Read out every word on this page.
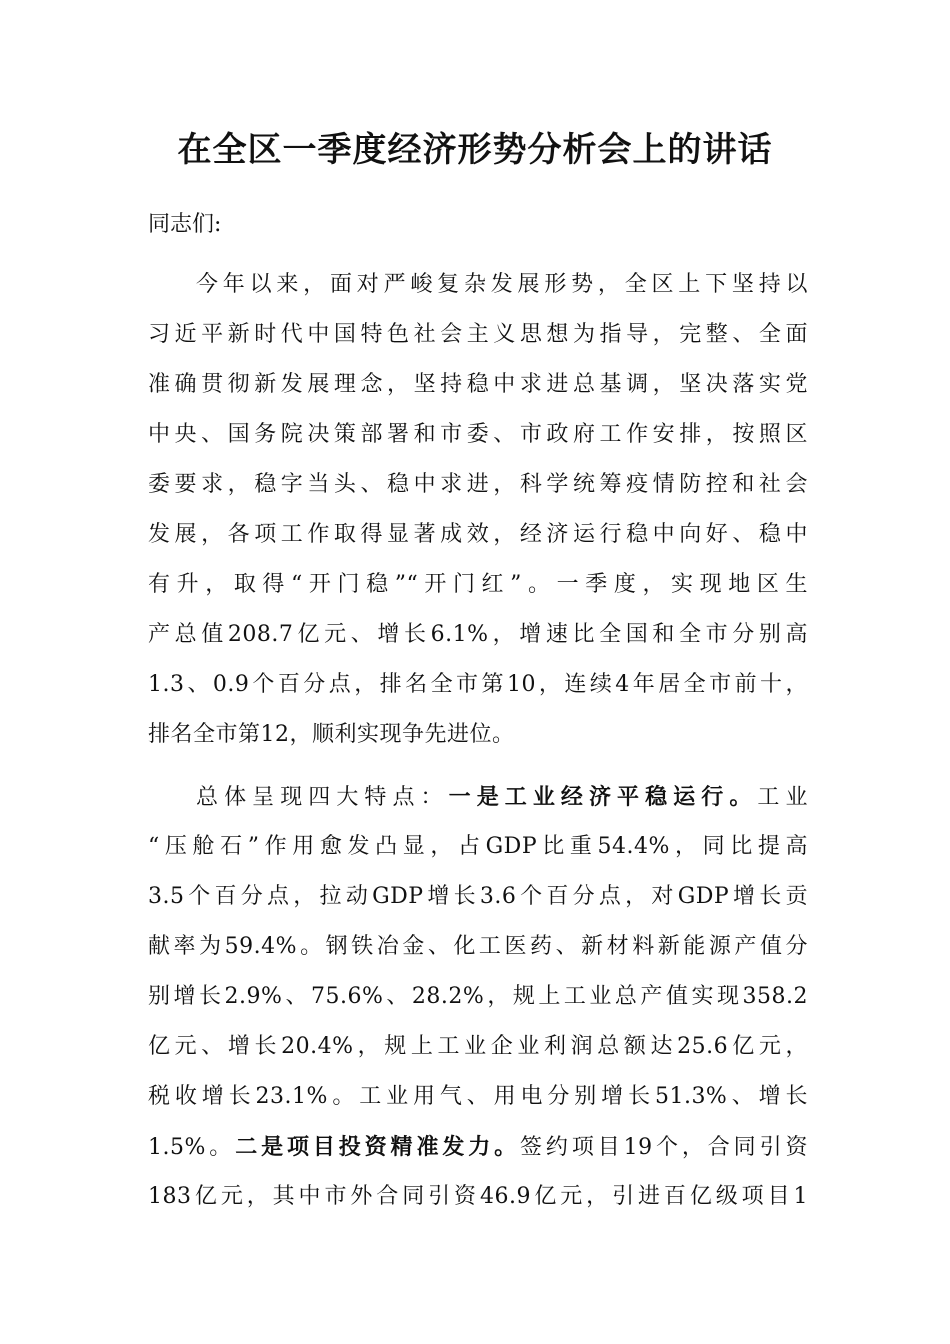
在全区一季度经济形势分析会上的讲话
同志们:
今年以来，面对严峻复杂发展形势，全区上下坚持以
习近平新时代中国特色社会主义思想为指导，完整、全面
准确贯彻新发展理念，坚持稳中求进总基调，坚决落实党
中央、国务院决策部署和市委、市政府工作安排，按照区
委要求，稳字当头、稳中求进，科学统筹疫情防控和社会
发展，各项工作取得显著成效，经济运行稳中向好、稳中
有升，取得“开门稳”“开门红”。一季度，实现地区生
产总值208.7亿元、增长6.1%，增速比全国和全市分别高
1.3、0.9个百分点，排名全市第10，连续4年居全市前十，
排名全市第12，顺利实现争先进位。
总体呈现四大特点：一是工业经济平稳运行。工业
“压舱石”作用愈发凸显，占GDP比重54.4%，同比提高
3.5个百分点，拉动GDP增长3.6个百分点，对GDP增长贡
献率为59.4%。钢铁冶金、化工医药、新材料新能源产值分
别增长2.9%、75.6%、28.2%，规上工业总产值实现358.2
亿元、增长20.4%，规上工业企业利润总额达25.6亿元，
税收增长23.1%。工业用气、用电分别增长51.3%、增长
1.5%。二是项目投资精准发力。签约项目19个，合同引资
183亿元，其中市外合同引资46.9亿元，引进百亿级项目1
